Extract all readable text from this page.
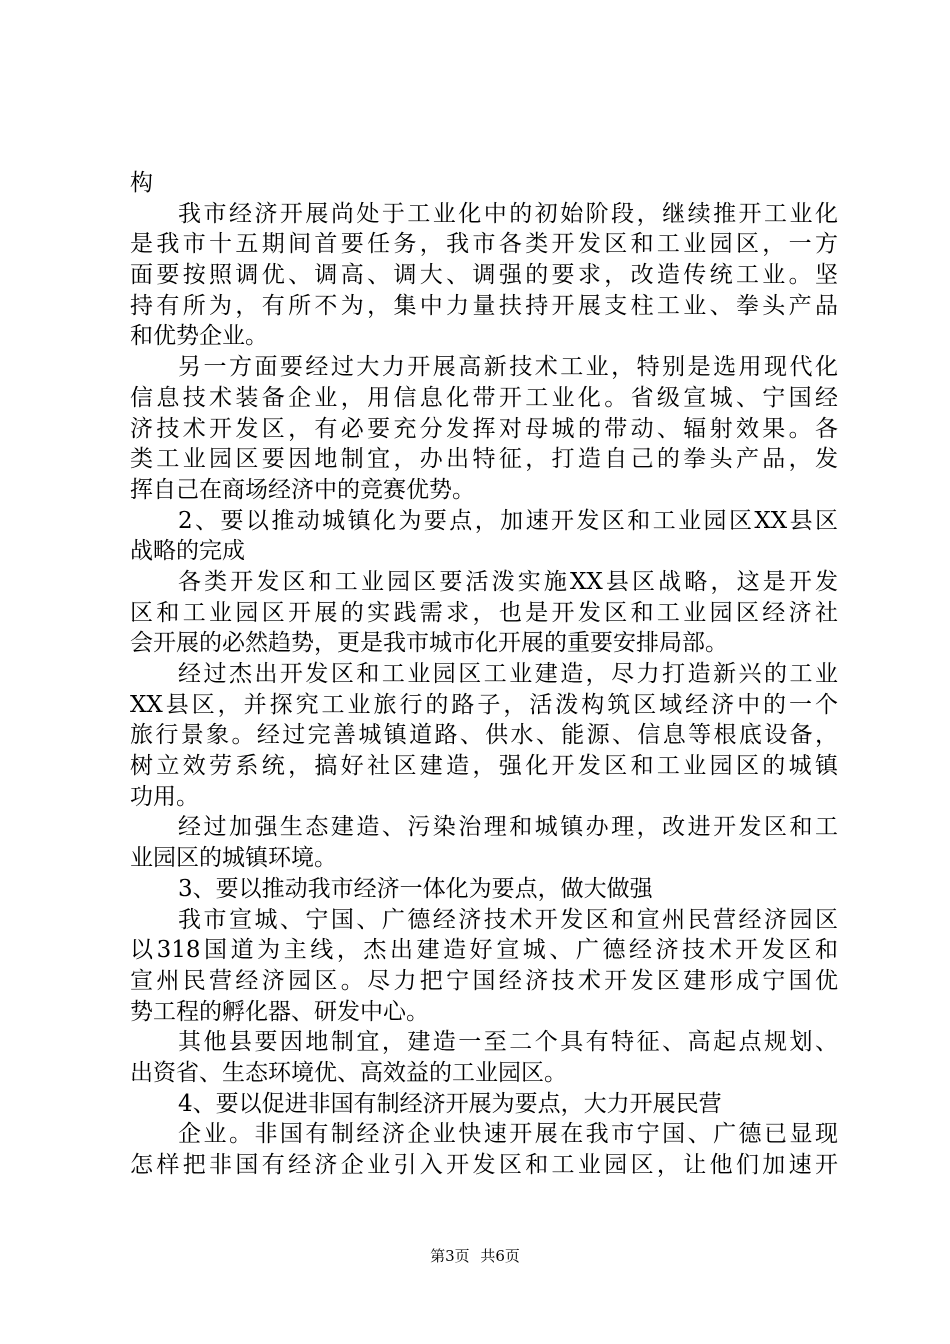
构
我市经济开展尚处于工业化中的初始阶段，继续推开工业化
是我市十五期间首要任务，我市各类开发区和工业园区，一方
面要按照调优、调高、调大、调强的要求，改造传统工业。坚
持有所为，有所不为，集中力量扶持开展支柱工业、拳头产品
和优势企业。
另一方面要经过大力开展高新技术工业，特别是选用现代化
信息技术装备企业，用信息化带开工业化。省级宣城、宁国经
济技术开发区，有必要充分发挥对母城的带动、辐射效果。各
类工业园区要因地制宜，办出特征，打造自己的拳头产品，发
挥自己在商场经济中的竞赛优势。
2、要以推动城镇化为要点，加速开发区和工业园区XX县区
战略的完成
各类开发区和工业园区要活泼实施XX县区战略，这是开发
区和工业园区开展的实践需求，也是开发区和工业园区经济社
会开展的必然趋势，更是我市城市化开展的重要安排局部。
经过杰出开发区和工业园区工业建造，尽力打造新兴的工业
XX县区，并探究工业旅行的路子，活泼构筑区域经济中的一个
旅行景象。经过完善城镇道路、供水、能源、信息等根底设备，
树立效劳系统，搞好社区建造，强化开发区和工业园区的城镇
功用。
经过加强生态建造、污染治理和城镇办理，改进开发区和工
业园区的城镇环境。
3、要以推动我市经济一体化为要点，做大做强
我市宣城、宁国、广德经济技术开发区和宣州民营经济园区
以318国道为主线，杰出建造好宣城、广德经济技术开发区和
宣州民营经济园区。尽力把宁国经济技术开发区建形成宁国优
势工程的孵化器、研发中心。
其他县要因地制宜，建造一至二个具有特征、高起点规划、
出资省、生态环境优、高效益的工业园区。
4、要以促进非国有制经济开展为要点，大力开展民营
企业。非国有制经济企业快速开展在我市宁国、广德已显现
怎样把非国有经济企业引入开发区和工业园区，让他们加速开
第3页 共6页
